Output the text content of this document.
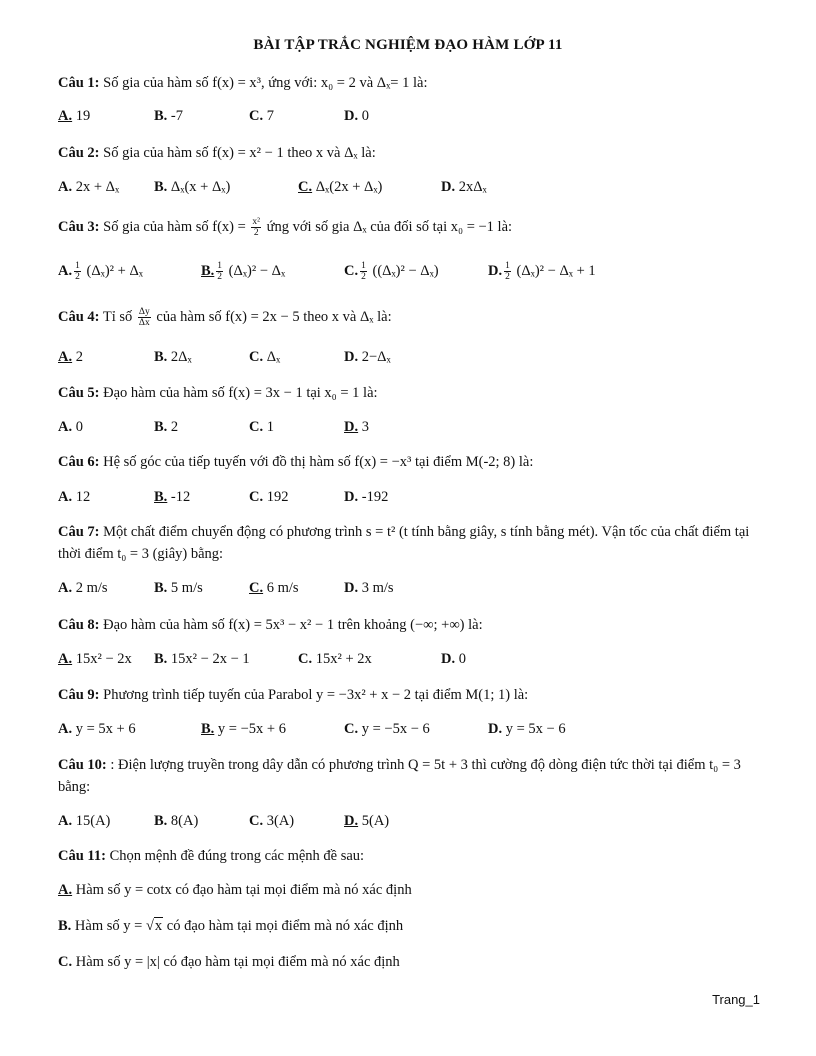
BÀI TẬP TRẮC NGHIỆM ĐẠO HÀM LỚP 11
Câu 1: Số gia của hàm số f(x) = x³, ứng với: x₀ = 2 và Δₓ= 1 là:
A. 19	B. -7	C. 7	D. 0
Câu 2: Số gia của hàm số f(x) = x² − 1 theo x và Δₓ là:
A. 2x + Δₓ B. Δₓ(x + Δₓ)	C. Δₓ(2x + Δₓ)	D. 2xΔₓ
Câu 3: Số gia của hàm số $f(x) = \frac{\text{x²}}{2}$ ứng với số gia Δₓ của đối số tại x₀ = −1 là:
A. $\frac{1}{2} (\Delta_x)^2 + \Delta_x$	B. $\frac{1}{2} (\Delta_x)^2 - \Delta_x$	C. $\frac{1}{2} ((\Delta_x)^2 - \Delta_x)$	D. $\frac{1}{2} (\Delta_x)^2 - \Delta_x + 1$
Câu 4: Tỉ số $\frac{\Delta y}{\Delta x}$ của hàm số f(x) = 2x − 5 theo x và Δₓ là:
A. 2	B. 2Δₓ	C. Δₓ	D. 2−Δₓ
Câu 5: Đạo hàm của hàm số f(x) = 3x − 1 tại x₀ = 1 là:
A. 0	B. 2	C. 1	D. 3
Câu 6: Hệ số góc của tiếp tuyến với đồ thị hàm số f(x) = −x³ tại điểm M(-2; 8) là:
A. 12	B. -12	C. 192	D. -192
Câu 7: Một chất điểm chuyển động có phương trình s = t² (t tính bằng giây, s tính bằng mét). Vận tốc của chất điểm tại thời điểm t₀ = 3 (giây) bằng:
A. 2 m/s	B. 5 m/s	C. 6 m/s	D. 3 m/s
Câu 8: Đạo hàm của hàm số f(x) = 5x³ − x² − 1 trên khoảng (−∞; +∞) là:
A. 15x² − 2x B. 15x² − 2x − 1	C. 15x² + 2x	D. 0
Câu 9: Phương trình tiếp tuyến của Parabol y = −3x² + x − 2 tại điểm M(1; 1) là:
A. y = 5x + 6	B. y = −5x + 6	C. y = −5x − 6	D. y = 5x − 6
Câu 10: : Điện lượng truyền trong dây dẫn có phương trình Q = 5t + 3 thì cường độ dòng điện tức thời tại điểm t₀ = 3 bằng:
A. 15(A)	B. 8(A)	C. 3(A)	D. 5(A)
Câu 11: Chọn mệnh đề đúng trong các mệnh đề sau:
A. Hàm số y = cotx có đạo hàm tại mọi điểm mà nó xác định
B. Hàm số y = √x có đạo hàm tại mọi điểm mà nó xác định
C. Hàm số y = |x| có đạo hàm tại mọi điểm mà nó xác định
Trang_1
